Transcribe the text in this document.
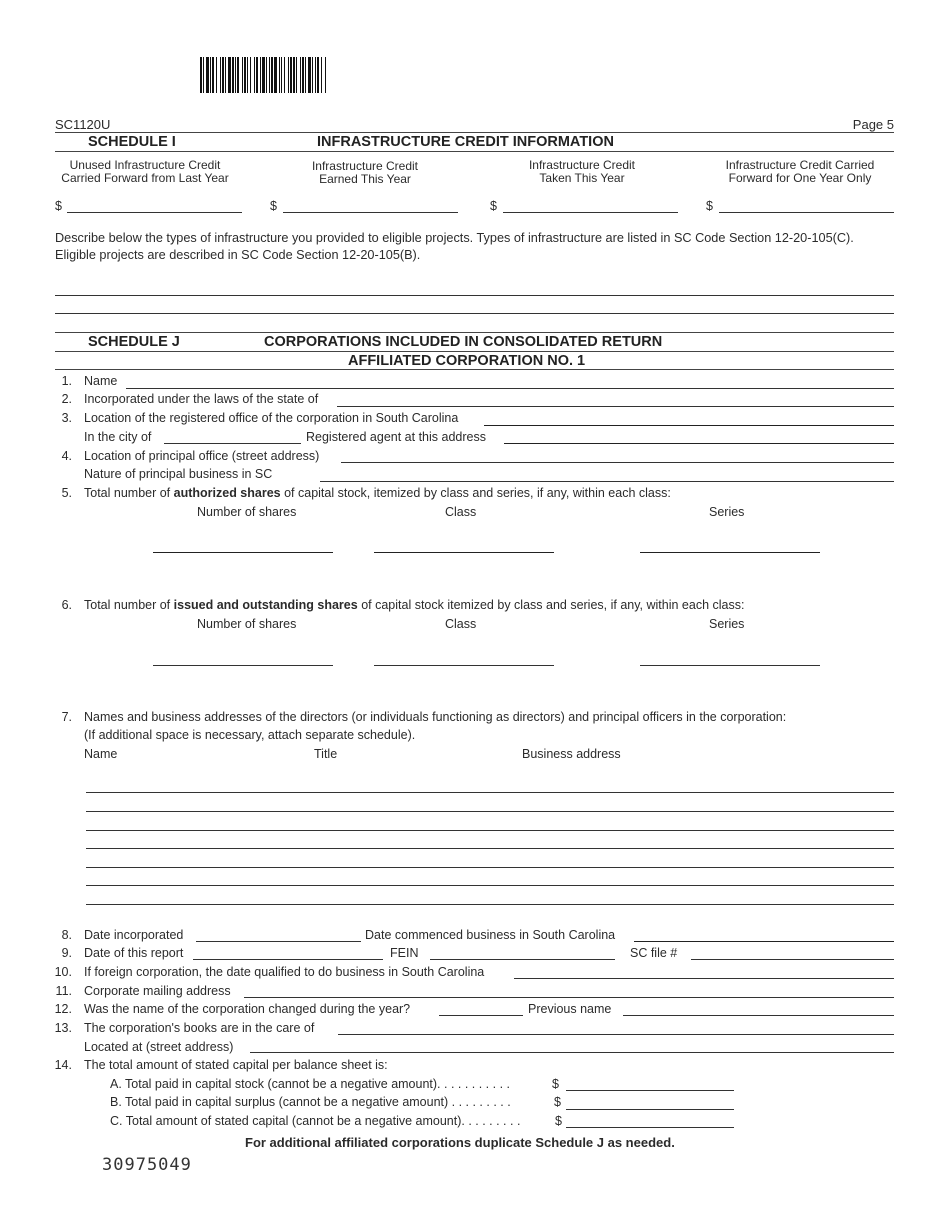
SC1120U	Page 5
SCHEDULE I	INFRASTRUCTURE CREDIT INFORMATION
Unused Infrastructure Credit
Carried Forward from Last Year
Infrastructure Credit
Earned This Year
Infrastructure Credit
Taken This Year
Infrastructure Credit Carried
Forward for One Year Only
$	$	$	$
Describe below the types of infrastructure you provided to eligible projects. Types of infrastructure are listed in SC Code Section 12-20-105(C).
Eligible projects are described in SC Code Section 12-20-105(B).
SCHEDULE J	CORPORATIONS INCLUDED IN CONSOLIDATED RETURN
AFFILIATED CORPORATION NO. 1
1. Name
2. Incorporated under the laws of the state of
3. Location of the registered office of the corporation in South Carolina
In the city of	Registered agent at this address
4. Location of principal office (street address)
Nature of principal business in SC
5. Total number of authorized shares of capital stock, itemized by class and series, if any, within each class:
Number of shares	Class	Series
6. Total number of issued and outstanding shares of capital stock itemized by class and series, if any, within each class:
Number of shares	Class	Series
7. Names and business addresses of the directors (or individuals functioning as directors) and principal officers in the corporation:
(If additional space is necessary, attach separate schedule).
Name	Title	Business address
8. Date incorporated	Date commenced business in South Carolina
9. Date of this report	FEIN	SC file #
10. If foreign corporation, the date qualified to do business in South Carolina
11. Corporate mailing address
12. Was the name of the corporation changed during the year?	Previous name
13. The corporation's books are in the care of
Located at (street address)
14. The total amount of stated capital per balance sheet is:
A. Total paid in capital stock (cannot be a negative amount). . . . . . . . . . .	$
B. Total paid in capital surplus (cannot be a negative amount) . . . . . . . . .	$
C. Total amount of stated capital (cannot be a negative amount). . . . . . . . .	$
For additional affiliated corporations duplicate Schedule J as needed.
30975049
